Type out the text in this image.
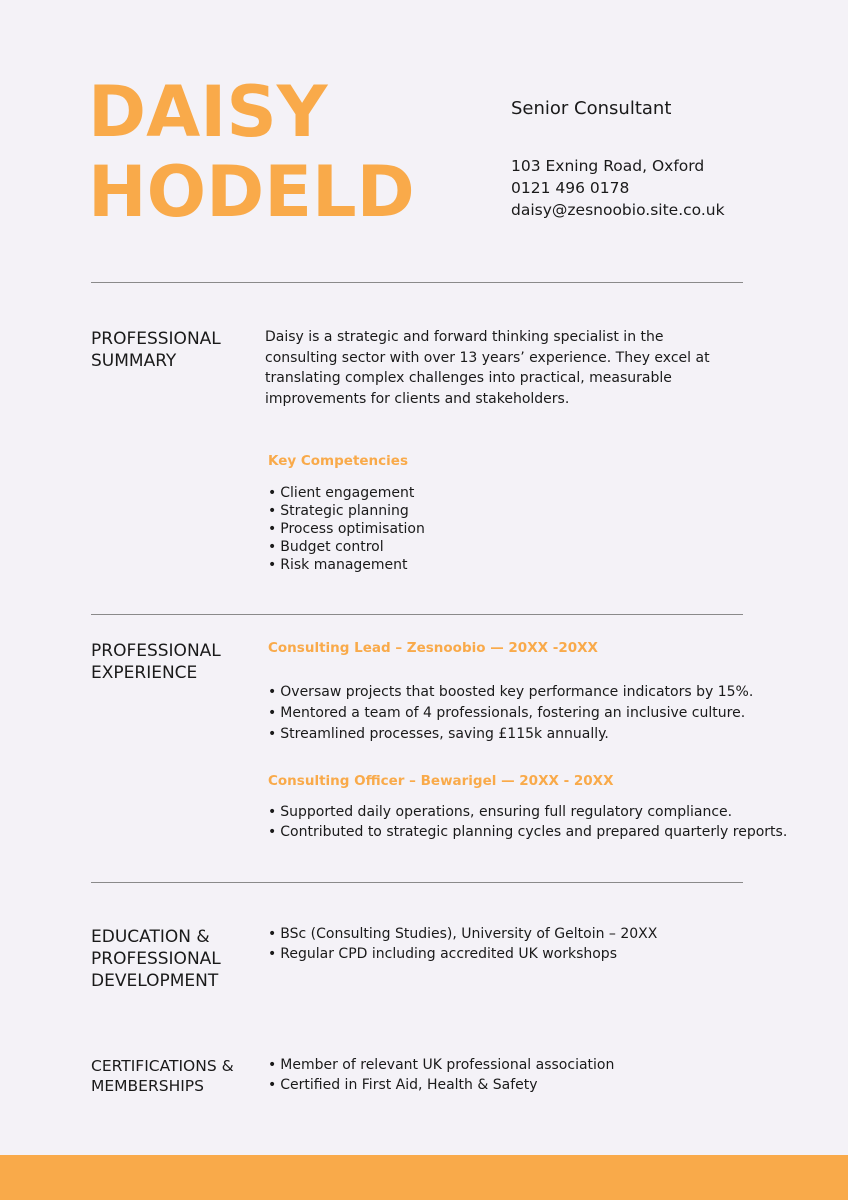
DAISY
HODELD
Senior Consultant
103 Exning Road, Oxford
0121 496 0178
daisy@zesnoobio.site.co.uk
PROFESSIONAL SUMMARY
Daisy is a strategic and forward thinking specialist in the consulting sector with over 13 years’ experience. They excel at translating complex challenges into practical, measurable improvements for clients and stakeholders.
Key Competencies
• Client engagement
• Strategic planning
• Process optimisation
• Budget control
• Risk management
PROFESSIONAL EXPERIENCE
Consulting Lead – Zesnoobio — 20XX -20XX
• Oversaw projects that boosted key performance indicators by 15%.
• Mentored a team of 4 professionals, fostering an inclusive culture.
• Streamlined processes, saving £115k annually.
Consulting Officer – Bewarigel — 20XX - 20XX
• Supported daily operations, ensuring full regulatory compliance.
• Contributed to strategic planning cycles and prepared quarterly reports.
EDUCATION & PROFESSIONAL DEVELOPMENT
• BSc (Consulting Studies), University of Geltoin – 20XX
• Regular CPD including accredited UK workshops
CERTIFICATIONS & MEMBERSHIPS
• Member of relevant UK professional association
• Certified in First Aid, Health & Safety
